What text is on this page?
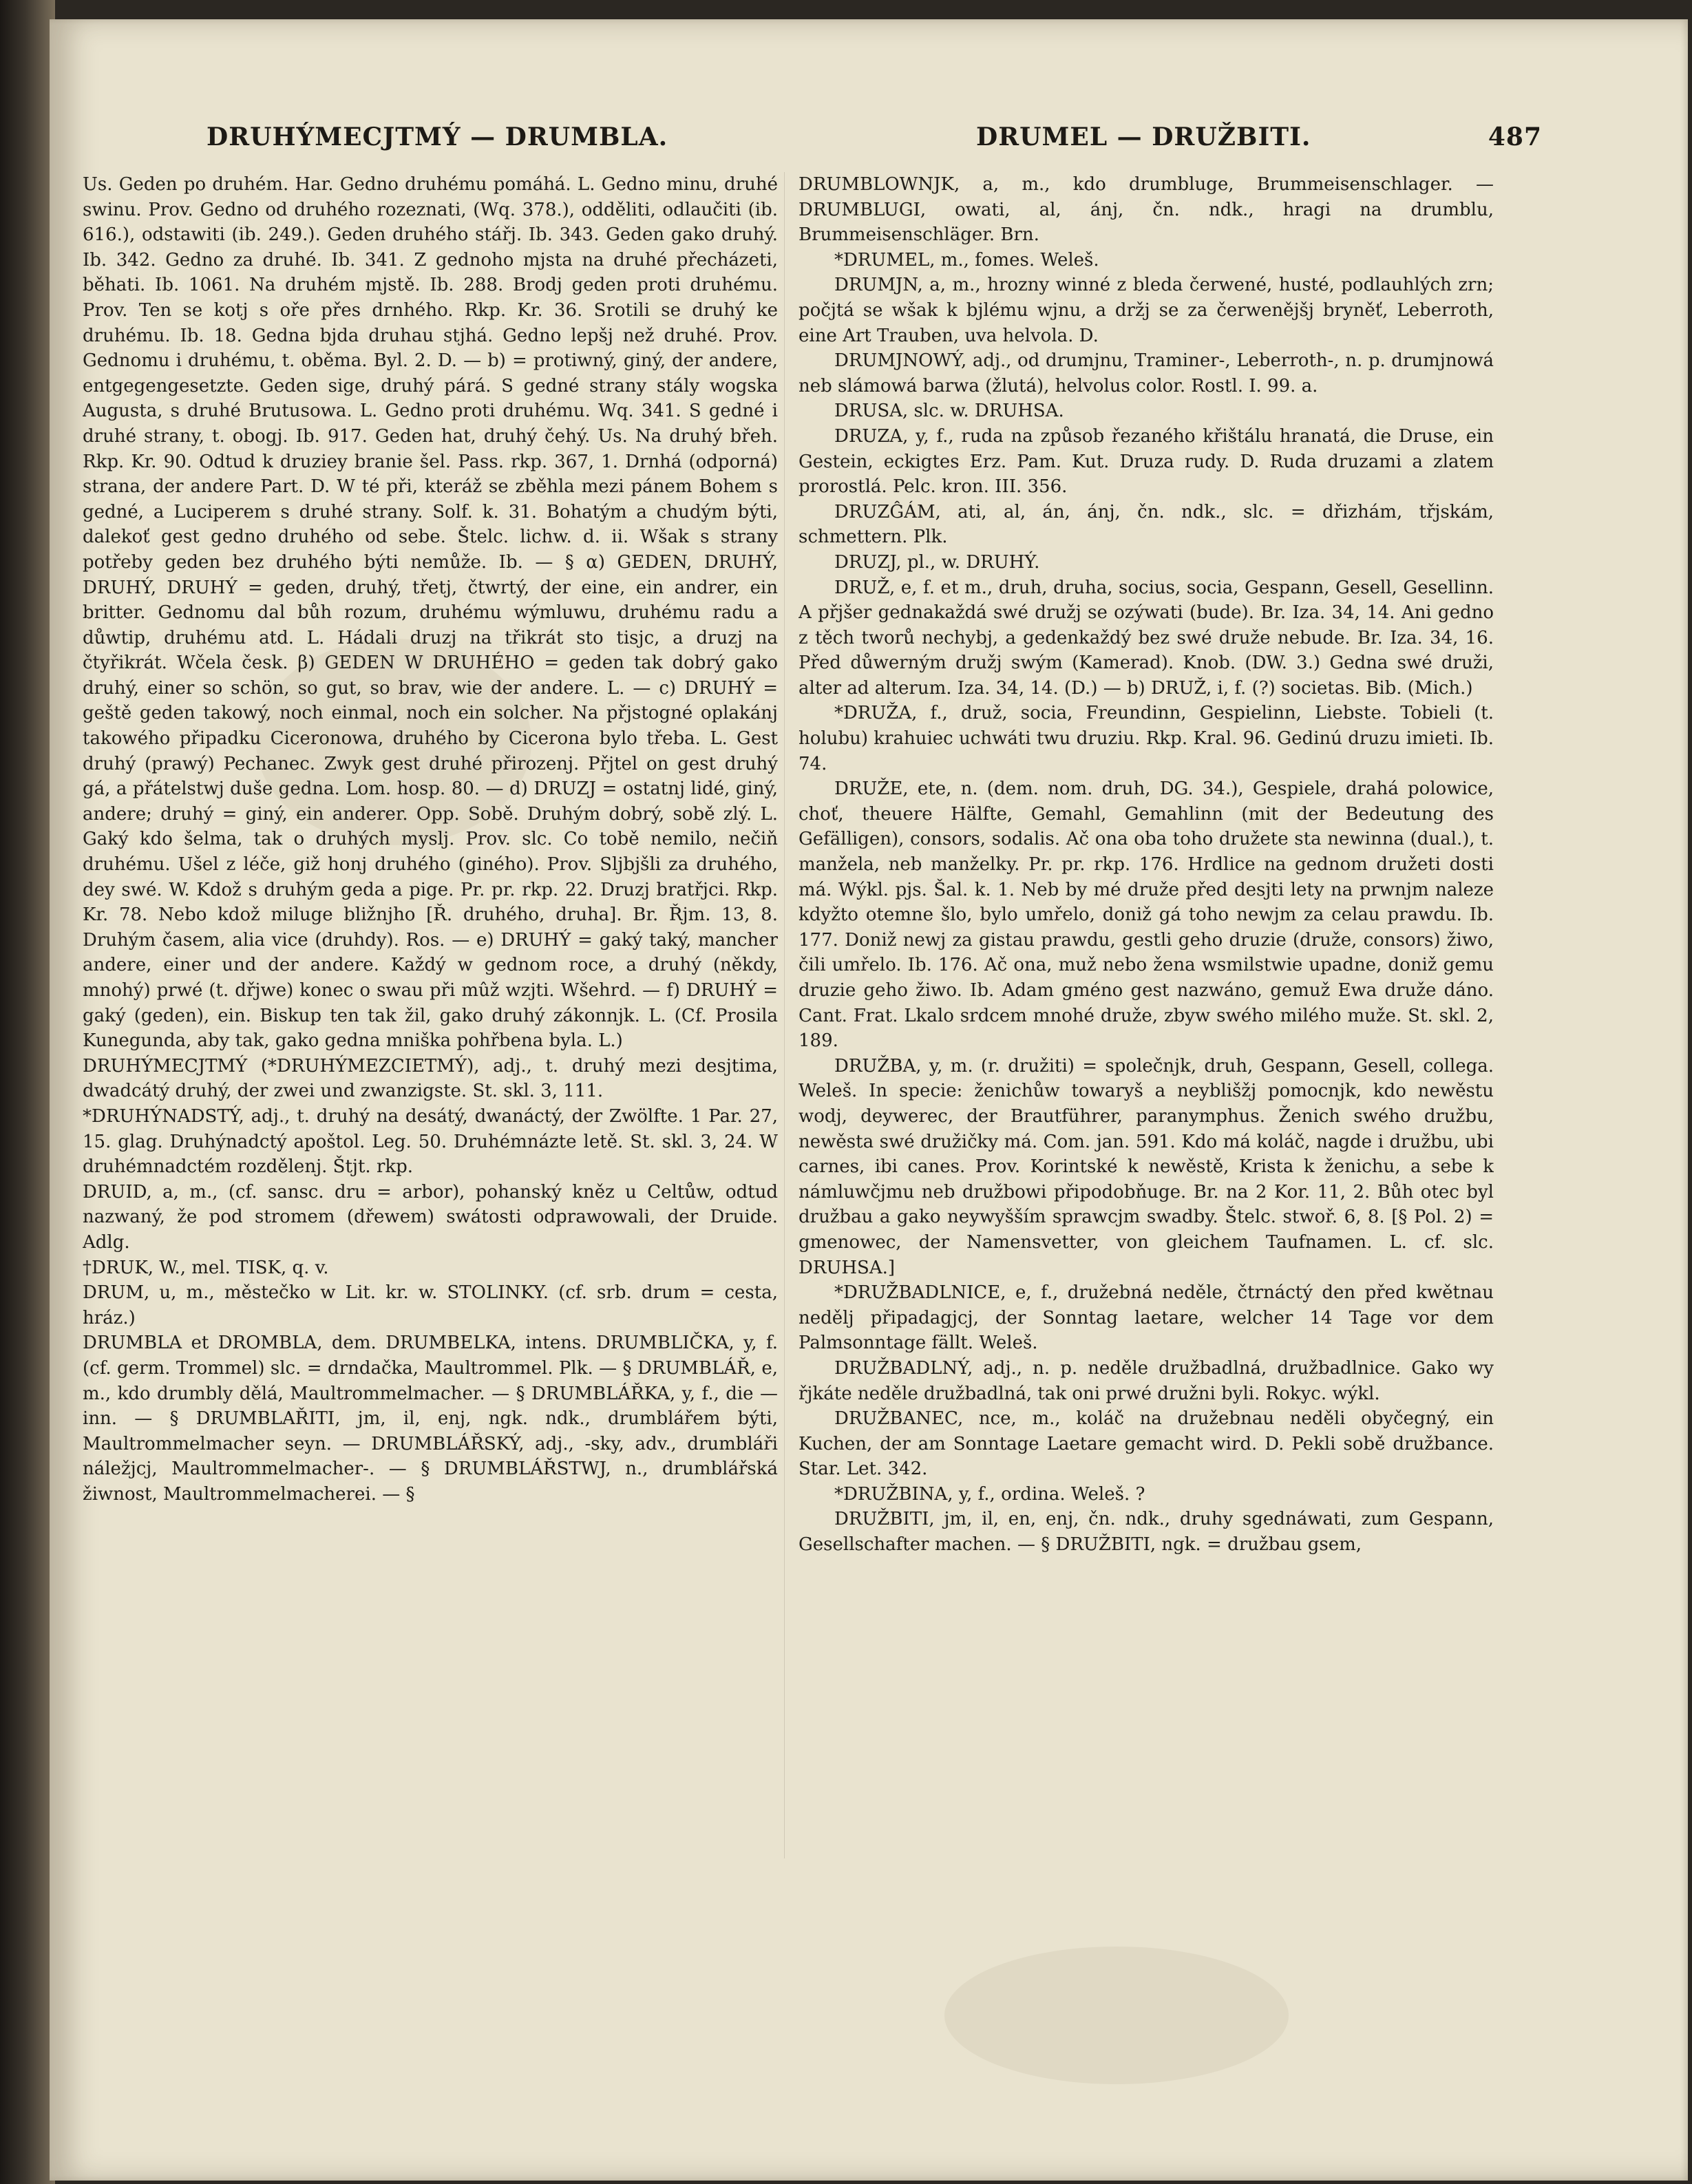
DRUHÝMECJTMÝ — DRUMBLA.	DRUMEL — DRUŽBITI.	487

Us. Geden po druhém. Har. Gedno druhému pomáhá. L. Gedno minu, druhé swinu. Prov. Gedno od druhého rozeznati, (Wq. 378.), odděliti, odlaučiti (ib. 616.), odstawiti (ib. 249.). Geden druhého stářj. Ib. 343. Geden gako druhý. Ib. 342. Gedno za druhé. Ib. 341. Z gednoho mjsta na druhé přecházeti, běhati. Ib. 1061. Na druhém mjstě. Ib. 288. Brodj geden proti druhému. Prov. Ten se kotj s oře přes drnhého. Rkp. Kr. 36. Srotili se druhý ke druhému. Ib. 18. Gedna bjda druhau stjhá. Gedno lepšj než druhé. Prov. Gednomu i druhému, t. oběma. Byl. 2. D. — b) = protiwný, giný, der andere, entgegengesetzte. Geden sige, druhý párá. S gedné strany stály wogska Augusta, s druhé Brutusowa. L. Gedno proti druhému. Wq. 341. S gedné i druhé strany, t. obogj. Ib. 917. Geden hat, druhý čehý. Us. Na druhý břeh. Rkp. Kr. 90. Odtud k druziey branie šel. Pass. rkp. 367, 1. Drnhá (odporná) strana, der andere Part. D. W té při, kteráž se zběhla mezi pánem Bohem s gedné, a Luciperem s druhé strany. Solf. k. 31. Bohatým a chudým býti, dalekoť gest gedno druhého od sebe. Štelc. lichw. d. ii. Wšak s strany potřeby geden bez druhého býti nemůže. Ib. — § α) GEDEN, DRUHÝ, DRUHÝ, DRUHÝ = geden, druhý, třetj, čtwrtý, der eine, ein andrer, ein britter. Gednomu dal bůh rozum, druhému wýmluwu, druhému radu a důwtip, druhému atd. L. Hádali druzj na třikrát sto tisjc, a druzj na čtyřikrát. Wčela česk. β) GEDEN W DRUHÉHO = geden tak dobrý gako druhý, einer so schön, so gut, so brav, wie der andere. L. — c) DRUHÝ = geště geden takowý, noch einmal, noch ein solcher. Na přjstogné oplakánj takowého připadku Ciceronowa, druhého by Cicerona bylo třeba. L. Gest druhý (prawý) Pechanec. Zwyk gest druhé přirozenj. Přjtel on gest druhý gá, a přátelstwj duše gedna. Lom. hosp. 80. — d) DRUZJ = ostatnj lidé, giný, andere; druhý = giný, ein anderer. Opp. Sobě. Druhým dobrý, sobě zlý. L. Gaký kdo šelma, tak o druhých myslj. Prov. slc. Co tobě nemilo, nečiň druhému. Ušel z léče, giž honj druhého (giného). Prov. Sljbjšli za druhého, dey swé. W. Kdož s druhým geda a pige. Pr. pr. rkp. 22. Druzj bratřjci. Rkp. Kr. 78. Nebo kdož miluge bližnjho [Ř. druhého, druha]. Br. Řjm. 13, 8. Druhým časem, alia vice (druhdy). Ros. — e) DRUHÝ = gaký taký, mancher andere, einer und der andere. Každý w gednom roce, a druhý (někdy, mnohý) prwé (t. dřjwe) konec o swau při mûž wzjti. Wšehrd. — f) DRUHÝ = gaký (geden), ein. Biskup ten tak žil, gako druhý zákonnjk. L. (Cf. Prosila Kunegunda, aby tak, gako gedna mniška pohřbena byla. L.)

DRUHÝMECJTMÝ (*DRUHÝMEZCIETMÝ), adj., t. druhý mezi desjtima, dwadcátý druhý, der zwei und zwanzigste. St. skl. 3, 111.

*DRUHÝNADSTÝ, adj., t. druhý na desátý, dwanáctý, der Zwölfte. 1 Par. 27, 15. glag. Druhýnadctý apoštol. Leg. 50. Druhémnázte letě. St. skl. 3, 24. W druhémnadctém rozdělenj. Štjt. rkp.

DRUID, a, m., (cf. sansc. dru = arbor), pohanský kněz u Celtůw, odtud nazwaný, že pod stromem (dřewem) swátosti odprawowali, der Druide. Adlg.

†DRUK, W., mel. TISK, q. v.

DRUM, u, m., městečko w Lit. kr. w. STOLINKY. (cf. srb. drum = cesta, hráz.)

DRUMBLA et DROMBLA, dem. DRUMBELKA, intens. DRUMBLIČKA, y, f. (cf. germ. Trommel) slc. = drndačka, Maultrommel. Plk. — § DRUMBLÁŘ, e, m., kdo drumbly dělá, Maultrommelmacher. — § DRUMBLÁŘKA, y, f., die —inn. — § DRUMBLAŘITI, jm, il, enj, ngk. ndk., drumblářem býti, Maultrommelmacher seyn. — DRUMBLÁŘSKÝ, adj., -sky, adv., drumbláři náležjcj, Maultrommelmacher-. — § DRUMBLÁŘSTWJ, n., drumblářská žiwnost, Maultrommelmacherei. — §

DRUMBLOWNJK, a, m., kdo drumbluge, Brummeisenschlager. — DRUMBLUGI, owati, al, ánj, čn. ndk., hragi na drumblu, Brummeisenschläger. Brn.

*DRUMEL, m., fomes. Weleš.

DRUMJN, a, m., hrozny winné z bleda čerwené, husté, podlauhlých zrn; počjtá se wšak k bjlému wjnu, a držj se za čerwenějšj bryněť, Leberroth, eine Art Trauben, uva helvola. D.

DRUMJNOWÝ, adj., od drumjnu, Traminer-, Leberroth-, n. p. drumjnowá neb slámowá barwa (žlutá), helvolus color. Rostl. I. 99. a.

DRUSA, slc. w. DRUHSA.

DRUZA, y, f., ruda na způsob řezaného křištálu hranatá, die Druse, ein Gestein, eckigtes Erz. Pam. Kut. Druza rudy. D. Ruda druzami a zlatem prorostlá. Pelc. kron. III. 356.

DRUZĜÁM, ati, al, án, ánj, čn. ndk., slc. = dřizhám, třjskám, schmettern. Plk.

DRUZJ, pl., w. DRUHÝ.

DRUŽ, e, f. et m., druh, druha, socius, socia, Gespann, Gesell, Gesellinn. A přjšer gednakaždá swé družj se ozýwati (bude). Br. Iza. 34, 14. Ani gedno z těch tworů nechybj, a gedenkaždý bez swé druže nebude. Br. Iza. 34, 16. Před důwerným družj swým (Kamerad). Knob. (DW. 3.) Gedna swé druži, alter ad alterum. Iza. 34, 14. (D.) — b) DRUŽ, i, f. (?) societas. Bib. (Mich.)

*DRUŽA, f., druž, socia, Freundinn, Gespielinn, Liebste. Tobieli (t. holubu) krahuiec uchwáti twu druziu. Rkp. Kral. 96. Gedinú druzu imieti. Ib. 74.

DRUŽE, ete, n. (dem. nom. druh, DG. 34.), Gespiele, drahá polowice, choť, theuere Hälfte, Gemahl, Gemahlinn (mit der Bedeutung des Gefälligen), consors, sodalis. Ač ona oba toho družete sta newinna (dual.), t. manžela, neb manželky. Pr. pr. rkp. 176. Hrdlice na gednom družeti dosti má. Wýkl. pjs. Šal. k. 1. Neb by mé druže před desjti lety na prwnjm naleze kdyžto otemne šlo, bylo umřelo, doniž gá toho newjm za celau prawdu. Ib. 177. Doniž newj za gistau prawdu, gestli geho druzie (druže, consors) žiwo, čili umřelo. Ib. 176. Ač ona, muž nebo žena wsmilstwie upadne, doniž gemu druzie geho žiwo. Ib. Adam gméno gest nazwáno, gemuž Ewa druže dáno. Cant. Frat. Lkalo srdcem mnohé druže, zbyw swého milého muže. St. skl. 2, 189.

DRUŽBA, y, m. (r. družiti) = společnjk, druh, Gespann, Gesell, collega. Weleš. In specie: ženichůw towaryš a neyblišžj pomocnjk, kdo newěstu wodj, deywerec, der Brautführer, paranymphus. Ženich swého družbu, newěsta swé družičky má. Com. jan. 591. Kdo má koláč, nagde i družbu, ubi carnes, ibi canes. Prov. Korintské k newěstě, Krista k ženichu, a sebe k námluwčjmu neb družbowi připodobňuge. Br. na 2 Kor. 11, 2. Bůh otec byl družbau a gako neywyšším sprawcjm swadby. Štelc. stwoř. 6, 8. [§ Pol. 2) = gmenowec, der Namensvetter, von gleichem Taufnamen. L. cf. slc. DRUHSA.]

*DRUŽBADLNICE, e, f., družebná neděle, čtrnáctý den před kwětnau nedělj připadagjcj, der Sonntag laetare, welcher 14 Tage vor dem Palmsonntage fällt. Weleš.

DRUŽBADLNÝ, adj., n. p. neděle družbadlná, družbadlnice. Gako wy řjkáte neděle družbadlná, tak oni prwé družni byli. Rokyc. wýkl.

DRUŽBANEC, nce, m., koláč na družebnau neděli obyčegný, ein Kuchen, der am Sonntage Laetare gemacht wird. D. Pekli sobě družbance. Star. Let. 342.

*DRUŽBINA, y, f., ordina. Weleš. ?

DRUŽBITI, jm, il, en, enj, čn. ndk., druhy sgednáwati, zum Gespann, Gesellschafter machen. — § DRUŽBITI, ngk. = družbau gsem,
